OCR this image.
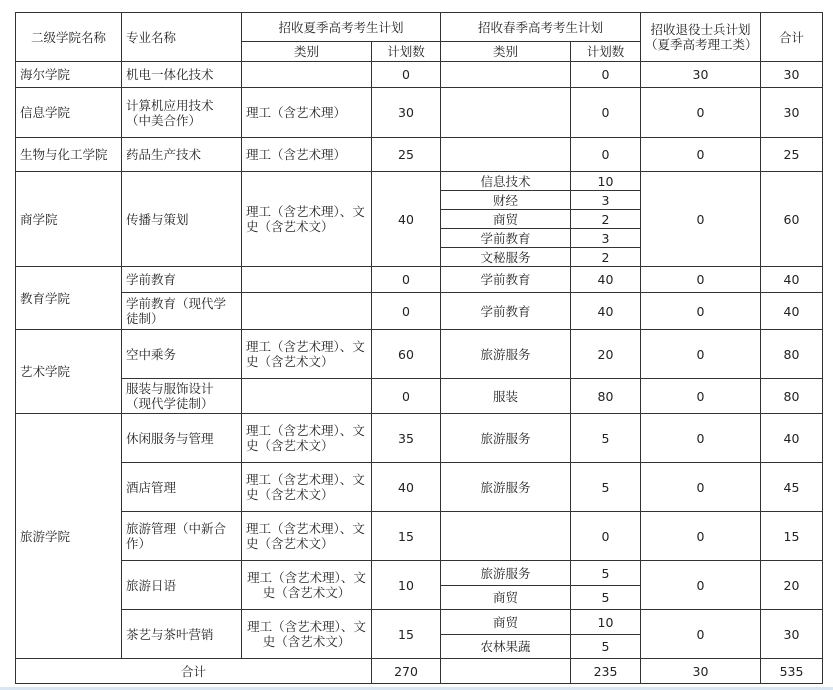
二级学院名称	专业名称	招收夏季高考考生计划		招收春季高考考生计划		招收退役士兵计划（夏季高考理工类）	合计
		类别	计划数	类别	计划数		
海尔学院	机电一体化技术		0		0	30	30
信息学院	计算机应用技术（中美合作）	理工（含艺术理）	30		0	0	30
生物与化工学院	药品生产技术	理工（含艺术理）	25		0	0	25
商学院	传播与策划	理工（含艺术理）、文史（含艺术文）	40	信息技术	10	0	60
				财经	3		
				商贸	2		
				学前教育	3		
				文秘服务	2		
教育学院	学前教育		0	学前教育	40	0	40
	学前教育（现代学徒制）		0	学前教育	40	0	40
艺术学院	空中乘务	理工（含艺术理）、文史（含艺术文）	60	旅游服务	20	0	80
	服装与服饰设计（现代学徒制）		0	服装	80	0	80
旅游学院	休闲服务与管理	理工（含艺术理）、文史（含艺术文）	35	旅游服务	5	0	40
	酒店管理	理工（含艺术理）、文史（含艺术文）	40	旅游服务	5	0	45
	旅游管理（中新合作）	理工（含艺术理）、文史（含艺术文）	15		0	0	15
	旅游日语	理工（含艺术理）、文史（含艺术文）	10	旅游服务	5	0	20
				商贸	5		
	茶艺与茶叶营销	理工（含艺术理）、文史（含艺术文）	15	商贸	10	0	30
				农林果蔬	5		
合计			270		235	30	535
